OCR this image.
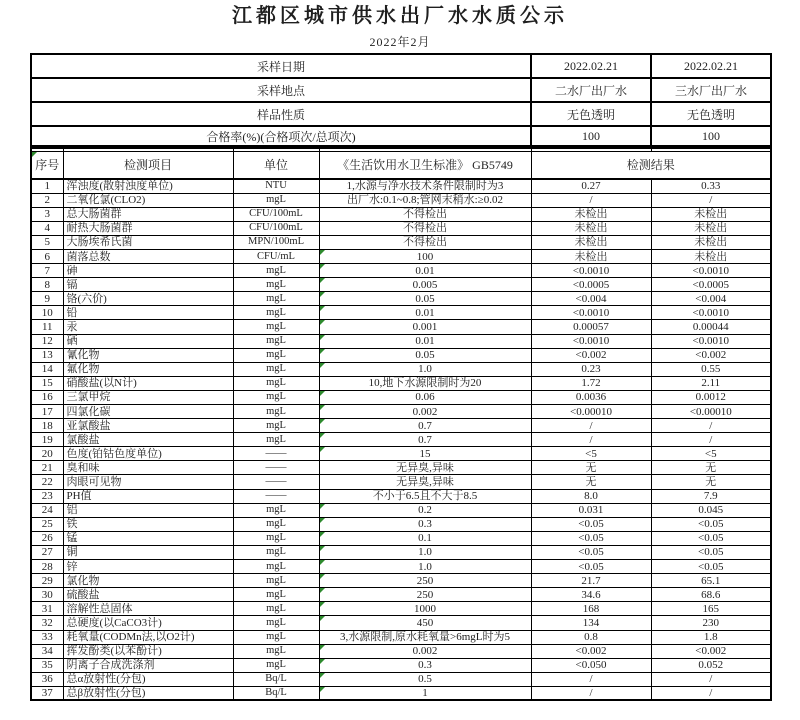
江都区城市供水出厂水水质公示
2022年2月
采样日期	2022.02.21	2022.02.21
采样地点	二水厂出厂水	三水厂出厂水
样品性质	无色透明	无色透明
合格率(%)(合格项次/总项次)	100	100

序号	检测项目	单位	《生活饮用水卫生标准》 GB5749	检测结果	
1	浑浊度(散射浊度单位)	NTU	1,水源与净水技术条件限制时为3	0.27	0.33
2	二氧化氯(CLO2)	mgL	出厂水:0.1~0.8;管网末稍水:≥0.02	/	/
3	总大肠菌群	CFU/100mL	不得检出	未检出	未检出
4	耐热大肠菌群	CFU/100mL	不得检出	未检出	未检出
5	大肠埃希氏菌	MPN/100mL	不得检出	未检出	未检出
6	菌落总数	CFU/mL	100	未检出	未检出
7	砷	mgL	0.01	<0.0010	<0.0010
8	镉	mgL	0.005	<0.0005	<0.0005
9	铬(六价)	mgL	0.05	<0.004	<0.004
10	铅	mgL	0.01	<0.0010	<0.0010
11	汞	mgL	0.001	0.00057	0.00044
12	硒	mgL	0.01	<0.0010	<0.0010
13	氰化物	mgL	0.05	<0.002	<0.002
14	氟化物	mgL	1.0	0.23	0.55
15	硝酸盐(以N计)	mgL	10,地下水源限制时为20	1.72	2.11
16	三氯甲烷	mgL	0.06	0.0036	0.0012
17	四氯化碳	mgL	0.002	<0.00010	<0.00010
18	亚氯酸盐	mgL	0.7	/	/
19	氯酸盐	mgL	0.7	/	/
20	色度(铂钴色度单位)	——	15	<5	<5
21	臭和味	——	无异臭,异味	无	无
22	肉眼可见物	——	无异臭,异味	无	无
23	PH值	——	不小于6.5且不大于8.5	8.0	7.9
24	铝	mgL	0.2	0.031	0.045
25	铁	mgL	0.3	<0.05	<0.05
26	锰	mgL	0.1	<0.05	<0.05
27	铜	mgL	1.0	<0.05	<0.05
28	锌	mgL	1.0	<0.05	<0.05
29	氯化物	mgL	250	21.7	65.1
30	硫酸盐	mgL	250	34.6	68.6
31	溶解性总固体	mgL	1000	168	165
32	总硬度(以CaCO3计)	mgL	450	134	230
33	耗氧量(CODMn法,以O2计)	mgL	3,水源限制,原水耗氧量>6mgL时为5	0.8	1.8
34	挥发酚类(以苯酚计)	mgL	0.002	<0.002	<0.002
35	阴离子合成洗涤剂	mgL	0.3	<0.050	0.052
36	总α放射性(分包)	Bq/L	0.5	/	/
37	总β放射性(分包)	Bq/L	1	/	/
